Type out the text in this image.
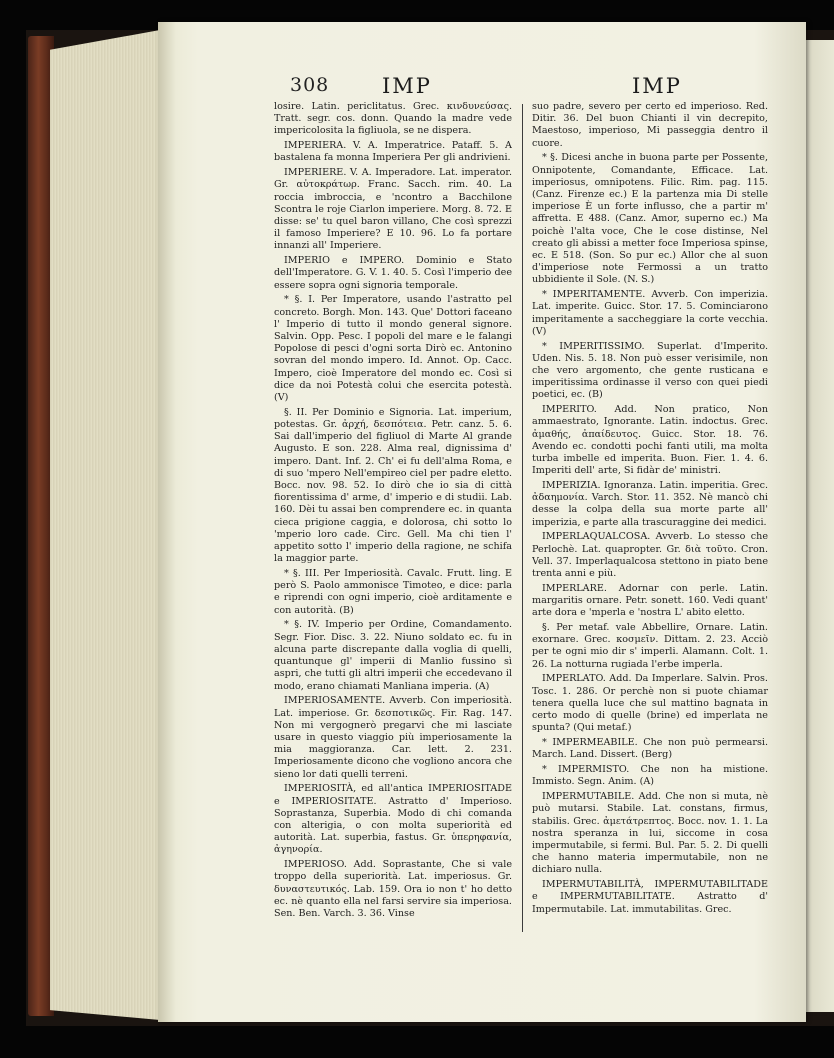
308	IMP	IMP

losire. Latin. periclitatus. Grec. κινδυνεύσας. Tratt. segr. cos. donn. Quando la madre vede impericolosita la figliuola, se ne dispera.

IMPERIERA. V. A. Imperatrice. Pataff. 5. A bastalena fa monna Imperiera Per gli andrivieni.

IMPERIERE. V. A. Imperadore. Lat. imperator. Gr. αὐτοκράτωρ. Franc. Sacch. rim. 40. La roccia imbroccia, e 'ncontro a Bacchilone Scontra le roje Ciarlon imperiere. Morg. 8. 72. E disse: se' tu quel baron villano, Che così sprezzi il famoso Imperiere? E 10. 96. Lo fa portare innanzi all' Imperiere.

IMPERIO e IMPERO. Dominio e Stato dell'Imperatore. G. V. 1. 40. 5. Così l'imperio dee essere sopra ogni signoria temporale.

* §. I. Per Imperatore, usando l'astratto pel concreto. Borgh. Mon. 143. Que' Dottori faceano l' Imperio di tutto il mondo general signore. Salvin. Opp. Pesc. I popoli del mare e le falangi Popolose di pesci d'ogni sorta Dirò ec. Antonino sovran del mondo impero. Id. Annot. Op. Cacc. Impero, cioè Imperatore del mondo ec. Così si dice da noi Potestà colui che esercita potestà. (V)

§. II. Per Dominio e Signoria. Lat. imperium, potestas. Gr. ἀρχή, δεσπότεια. Petr. canz. 5. 6. Sai dall'imperio del figliuol di Marte Al grande Augusto. E son. 228. Alma real, dignissima d' impero. Dant. Inf. 2. Ch' ei fu dell'alma Roma, e di suo 'mpero Nell'empireo ciel per padre eletto. Bocc. nov. 98. 52. Io dirò che io sia di città fiorentissima d' arme, d' imperio e di studii. Lab. 160. Dèi tu assai ben comprendere ec. in quanta cieca prigione caggia, e dolorosa, chi sotto lo 'mperio loro cade. Circ. Gell. Ma chi tien l' appetito sotto l' imperio della ragione, ne schifa la maggior parte.

* §. III. Per Imperiosità. Cavalc. Frutt. ling. E però S. Paolo ammonisce Timoteo, e dice: parla e riprendi con ogni imperio, cioè arditamente e con autorità. (B)

* §. IV. Imperio per Ordine, Comandamento. Segr. Fior. Disc. 3. 22. Niuno soldato ec. fu in alcuna parte discrepante dalla voglia di quelli, quantunque gl' imperii di Manlio fussino sì aspri, che tutti gli altri imperii che eccedevano il modo, erano chiamati Manliana imperia. (A)

IMPERIOSAMENTE. Avverb. Con imperiosità. Lat. imperiose. Gr. δεσποτικῶς. Fir. Rag. 147. Non mi vergognerò pregarvi che mi lasciate usare in questo viaggio più imperiosamente la mia maggioranza. Car. lett. 2. 231. Imperiosamente dicono che vogliono ancora che sieno lor dati quelli terreni.

IMPERIOSITÀ, ed all'antica IMPERIOSITADE e IMPERIOSITATE. Astratto d' Imperioso. Soprastanza, Superbia. Modo di chi comanda con alterigia, o con molta superiorità ed autorità. Lat. superbia, fastus. Gr. ὑπερηφανία, ἀγηνορία.

IMPERIOSO. Add. Soprastante, Che si vale troppo della superiorità. Lat. imperiosus. Gr. δυναστευτικός. Lab. 159. Ora io non t' ho detto ec. nè quanto ella nel farsi servire sia imperiosa. Sen. Ben. Varch. 3. 36. Vinse

suo padre, severo per certo ed imperioso. Red. Ditir. 36. Del buon Chianti il vin decrepito, Maestoso, imperioso, Mi passeggia dentro il cuore.

* §. Dicesi anche in buona parte per Possente, Onnipotente, Comandante, Efficace. Lat. imperiosus, omnipotens. Filic. Rim. pag. 115. (Canz. Firenze ec.) E la partenza mia Di stelle imperiose È un forte influsso, che a partir m' affretta. E 488. (Canz. Amor, superno ec.) Ma poichè l'alta voce, Che le cose distinse, Nel creato gli abissi a metter foce Imperiosa spinse, ec. E 518. (Son. So pur ec.) Allor che al suon d'imperiose note Fermossi a un tratto ubbidiente il Sole. (N. S.)

* IMPERITAMENTE. Avverb. Con imperizia. Lat. imperite. Guicc. Stor. 17. 5. Cominciarono imperitamente a saccheggiare la corte vecchia. (V)

* IMPERITISSIMO. Superlat. d'Imperito. Uden. Nis. 5. 18. Non può esser verisimile, non che vero argomento, che gente rusticana e imperitissima ordinasse il verso con quei piedi poetici, ec. (B)

IMPERITO. Add. Non pratico, Non ammaestrato, Ignorante. Latin. indoctus. Grec. ἀμαθής, ἀπαίδευτος. Guicc. Stor. 18. 76. Avendo ec. condotti pochi fanti utili, ma molta turba imbelle ed imperita. Buon. Fier. 1. 4. 6. Imperiti dell' arte, Si fidàr de' ministri.

IMPERIZIA. Ignoranza. Latin. imperitia. Grec. ἀδαημονία. Varch. Stor. 11. 352. Nè mancò chi desse la colpa della sua morte parte all' imperizia, e parte alla trascuraggine dei medici.

IMPERLAQUALCOSA. Avverb. Lo stesso che Perlochè. Lat. quapropter. Gr. διὰ τοῦτο. Cron. Vell. 37. Imperlaqualcosa stettono in piato bene trenta anni e più.

IMPERLARE. Adornar con perle. Latin. margaritis ornare. Petr. sonett. 160. Vedi quant' arte dora e 'mperla e 'nostra L' abito eletto.

§. Per metaf. vale Abbellire, Ornare. Latin. exornare. Grec. κοσμεῖν. Dittam. 2. 23. Acciò per te ogni mio dir s' imperli. Alamann. Colt. 1. 26. La notturna rugiada l'erbe imperla.

IMPERLATO. Add. Da Imperlare. Salvin. Pros. Tosc. 1. 286. Or perchè non si puote chiamar tenera quella luce che sul mattino bagnata in certo modo di quelle (brine) ed imperlata ne spunta? (Qui metaf.)

* IMPERMEABILE. Che non può permearsi. March. Land. Dissert. (Berg)

* IMPERMISTO. Che non ha mistione. Immisto. Segn. Anim. (A)

IMPERMUTABILE. Add. Che non si muta, nè può mutarsi. Stabile. Lat. constans, firmus, stabilis. Grec. ἀμετάτρεπτος. Bocc. nov. 1. 1. La nostra speranza in lui, siccome in cosa impermutabile, si fermi. Bul. Par. 5. 2. Di quelli che hanno materia impermutabile, non ne dichiaro nulla.

IMPERMUTABILITÀ, IMPERMUTABILITADE e IMPERMUTABILITATE. Astratto d' Impermutabile. Lat. immutabilitas. Grec.
